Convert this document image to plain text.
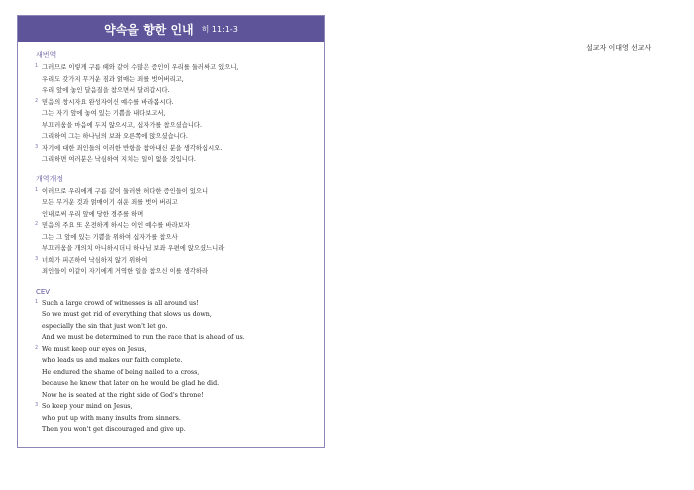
약속을 향한 인내 히 11:1-3
새번역
1 그러므로 이렇게 구름 떼와 같이 수많은 증인이 우리를 둘러싸고 있으니,
우리도 갖가지 무거운 짐과 얽매는 죄를 벗어버리고,
우리 앞에 놓인 달음질을 참으면서 달려갑시다.
2 믿음의 창시자요 완성자이신 예수를 바라봅시다.
그는 자기 앞에 놓여 있는 기쁨을 내다보고서,
부끄러움을 마음에 두지 않으시고, 십자가를 참으셨습니다.
그리하여 그는 하나님의 보좌 오른쪽에 앉으셨습니다.
3 자기에 대한 죄인들의 이러한 반항을 참아내신 분을 생각하십시오.
그리하면 여러분은 낙심하여 지치는 일이 없을 것입니다.
개역개정
1 이러므로 우리에게 구름 같이 둘러싼 허다한 증인들이 있으니
모든 무거운 것과 얽매이기 쉬운 죄를 벗어 버리고
인내로써 우리 앞에 당한 경주를 하며
2 믿음의 주요 또 온전하게 하시는 이인 예수를 바라보자
그는 그 앞에 있는 기쁨을 위하여 십자가를 참으사
부끄러움을 개의치 아니하시더니 하나님 보좌 우편에 앉으셨느니라
3 너희가 피곤하여 낙심하지 않기 위하여
죄인들이 이같이 자기에게 거역한 일을 참으신 이를 생각하라
CEV
1 Such a large crowd of witnesses is all around us!
So we must get rid of everything that slows us down,
especially the sin that just won't let go.
And we must be determined to run the race that is ahead of us.
2 We must keep our eyes on Jesus,
who leads us and makes our faith complete.
He endured the shame of being nailed to a cross,
because he knew that later on he would be glad he did.
Now he is seated at the right side of God's throne!
3 So keep your mind on Jesus,
who put up with many insults from sinners.
Then you won't get discouraged and give up.
설교자 이대영 선교사
